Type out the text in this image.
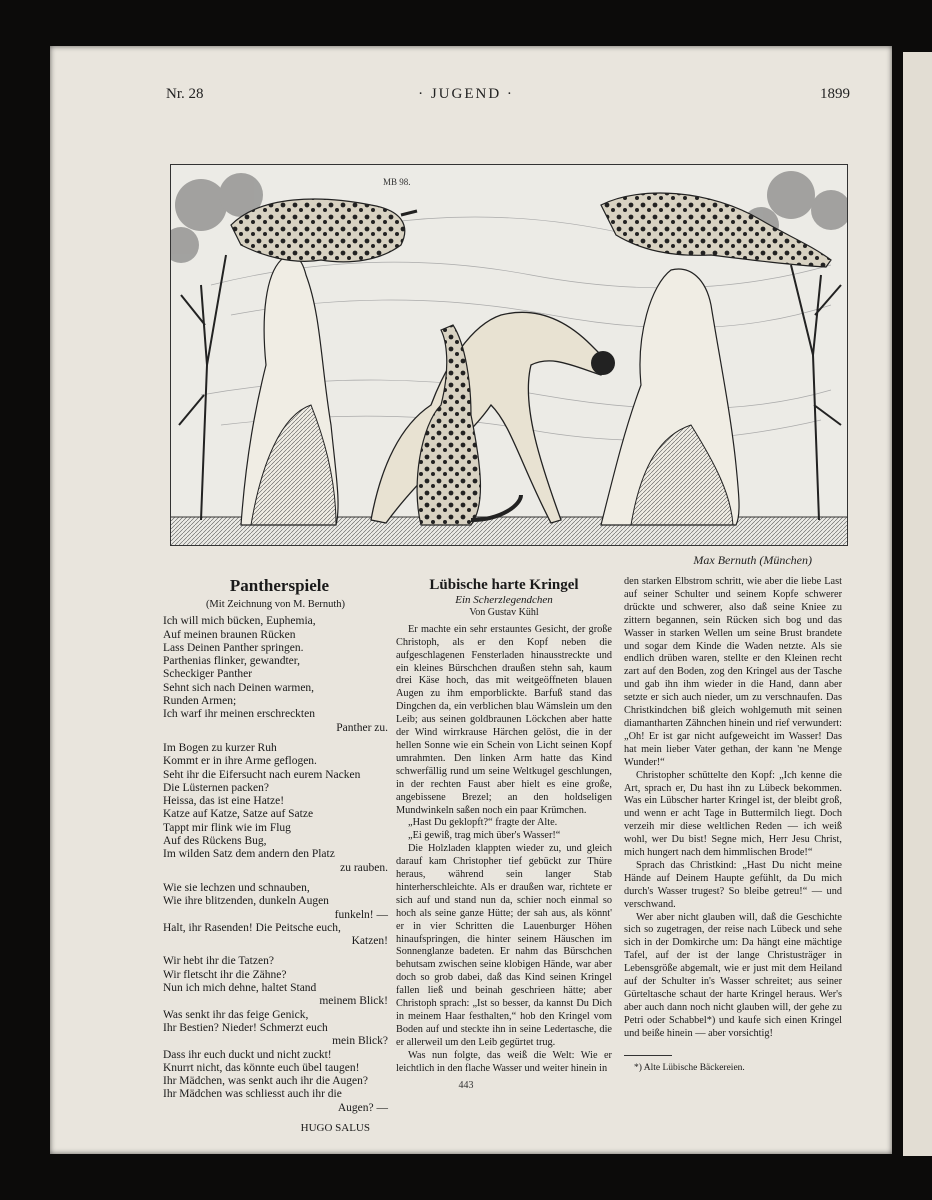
Nr. 28	· JUGEND ·	1899
MB 98.
Max Bernuth (München)
Pantherspiele
(Mit Zeichnung von M. Bernuth)
Ich will mich bücken, Euphemia,
Auf meinen braunen Rücken
Lass Deinen Panther springen.
Parthenias flinker, gewandter,
Scheckiger Panther
Sehnt sich nach Deinen warmen,
Runden Armen;
Ich warf ihr meinen erschreckten
Panther zu.
Im Bogen zu kurzer Ruh
Kommt er in ihre Arme geflogen.
Seht ihr die Eifersucht nach eurem Nacken
Die Lüsternen packen?
Heissa, das ist eine Hatze!
Katze auf Katze, Satze auf Satze
Tappt mir flink wie im Flug
Auf des Rückens Bug,
Im wilden Satz dem andern den Platz
zu rauben.
Wie sie lechzen und schnauben,
Wie ihre blitzenden, dunkeln Augen
funkeln! —
Halt, ihr Rasenden! Die Peitsche euch,
Katzen!
Wir hebt ihr die Tatzen?
Wir fletscht ihr die Zähne?
Nun ich mich dehne, haltet Stand
meinem Blick!
Was senkt ihr das feige Genick,
Ihr Bestien? Nieder! Schmerzt euch
mein Blick?
Dass ihr euch duckt und nicht zuckt!
Knurrt nicht, das könnte euch übel taugen!
Ihr Mädchen, was senkt auch ihr die Augen?
Ihr Mädchen was schliesst auch ihr die
Augen? —
HUGO SALUS
Lübische harte Kringel
Ein Scherzlegendchen
Von Gustav Kühl

Er machte ein sehr erstauntes Gesicht, der große Christoph, als er den Kopf neben die aufgeschlagenen Fensterladen hinausstreckte und ein kleines Bürschchen draußen stehn sah, kaum drei Käse hoch, das mit weitgeöffneten blauen Augen zu ihm emporblickte. Barfuß stand das Dingchen da, ein verblichen blau Wämslein um den Leib; aus seinen goldbraunen Löckchen aber hatte der Wind wirrkrause Härchen gelöst, die in der hellen Sonne wie ein Schein von Licht seinen Kopf umrahmten. Den linken Arm hatte das Kind schwerfällig rund um seine Weltkugel geschlungen, in der rechten Faust aber hielt es eine große, angebissene Brezel; an den holdseligen Mundwinkeln saßen noch ein paar Krümchen.

„Hast Du geklopft?“ fragte der Alte.

„Ei gewiß, trag mich über's Wasser!“

Die Holzladen klappten wieder zu, und gleich darauf kam Christopher tief gebückt zur Thüre heraus, während sein langer Stab hinterherschleichte. Als er draußen war, richtete er sich auf und stand nun da, schier noch einmal so hoch als seine ganze Hütte; der sah aus, als könnt' er in vier Schritten die Lauenburger Höhen hinaufspringen, die hinter seinem Häuschen im Sonnenglanze badeten. Er nahm das Bürschchen behutsam zwischen seine klobigen Hände, war aber doch so grob dabei, daß das Kind seinen Kringel fallen ließ und beinah geschrieen hätte; aber Christoph sprach: „Ist so besser, da kannst Du Dich in meinem Haar festhalten,“ hob den Kringel vom Boden auf und steckte ihn in seine Ledertasche, die er allerweil um den Leib gegürtet trug.

Was nun folgte, das weiß die Welt: Wie er leichtlich in den flache Wasser und weiter hinein in

den starken Elbstrom schritt, wie aber die liebe Last auf seiner Schulter und seinem Kopfe schwerer drückte und schwerer, also daß seine Kniee zu zittern begannen, sein Rücken sich bog und das Wasser in starken Wellen um seine Brust brandete und sogar dem Kinde die Waden netzte. Als sie endlich drüben waren, stellte er den Kleinen recht zart auf den Boden, zog den Kringel aus der Tasche und gab ihn ihm wieder in die Hand, dann aber setzte er sich auch nieder, um zu verschnaufen. Das Christkindchen biß gleich wohlgemuth mit seinen diamantharten Zähnchen hinein und rief verwundert: „Oh! Er ist gar nicht aufgeweicht im Wasser! Das hat mein lieber Vater gethan, der kann 'ne Menge Wunder!“

Christopher schüttelte den Kopf: „Ich kenne die Art, sprach er, Du hast ihn zu Lübeck bekommen. Was ein Lübscher harter Kringel ist, der bleibt groß, und wenn er acht Tage in Buttermilch liegt. Doch verzeih mir diese weltlichen Reden — ich weiß wohl, wer Du bist! Segne mich, Herr Jesu Christ, mich hungert nach dem himmlischen Brode!“

Sprach das Christkind: „Hast Du nicht meine Hände auf Deinem Haupte gefühlt, da Du mich durch's Wasser trugest? So bleibe getreu!“ — und verschwand.

Wer aber nicht glauben will, daß die Geschichte sich so zugetragen, der reise nach Lübeck und sehe sich in der Domkirche um: Da hängt eine mächtige Tafel, auf der ist der lange Christusträger in Lebensgröße abgemalt, wie er just mit dem Heiland auf der Schulter in's Wasser schreitet; aus seiner Gürteltasche schaut der harte Kringel heraus. Wer's aber auch dann noch nicht glauben will, der gehe zu Petri oder Schabbel*) und kaufe sich einen Kringel und beiße hinein — aber vorsichtig!

*) Alte Lübische Bäckereien.
443
